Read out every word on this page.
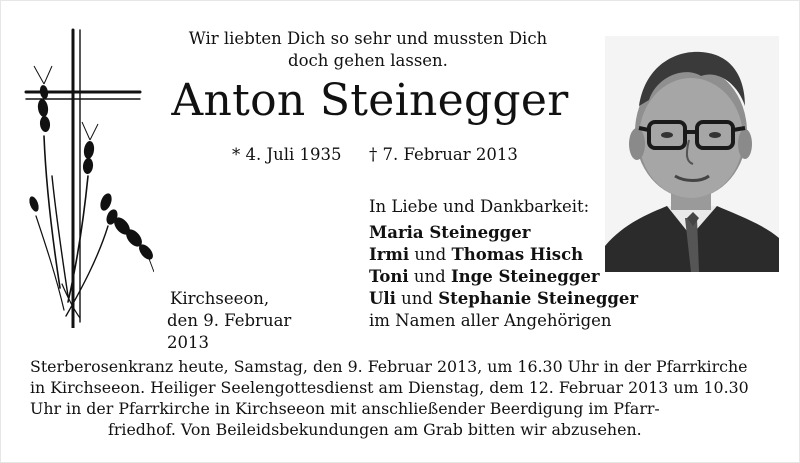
Wir liebten Dich so sehr und mussten Dich
doch gehen lassen.
Anton Steinegger
* 4. Juli 1935 † 7. Februar 2013
In Liebe und Dankbarkeit:
Maria Steinegger
Irmi und Thomas Hisch
Toni und Inge Steinegger
Uli und Stephanie Steinegger
Kirchseeon,
den 9. Februar 2013
im Namen aller Angehörigen
Sterberosenkranz heute, Samstag, den 9. Februar 2013, um 16.30 Uhr in der Pfarrkirche
in Kirchseeon. Heiliger Seelengottesdienst am Dienstag, dem 12. Februar 2013 um 10.30
Uhr in der Pfarrkirche in Kirchseeon mit anschließender Beerdigung im Pfarr-
friedhof. Von Beileidsbekundungen am Grab bitten wir abzusehen.
